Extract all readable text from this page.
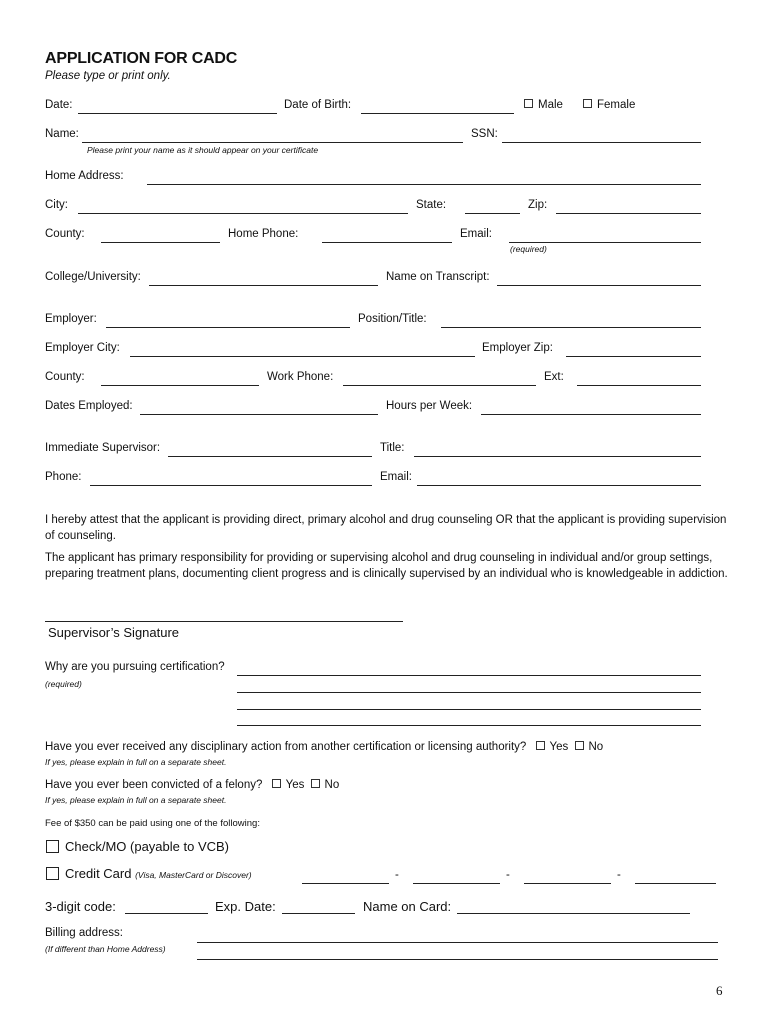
APPLICATION FOR CADC
Please type or print only.
Date:	Date of Birth:	Male	Female
Name:	SSN:
Please print your name as it should appear on your certificate
Home Address:
City:	State:	Zip:
County:	Home Phone:	Email:
(required)
College/University:	Name on Transcript:
Employer:	Position/Title:
Employer City:	Employer Zip:
County:	Work Phone:	Ext:
Dates Employed:	Hours per Week:
Immediate Supervisor:	Title:
Phone:	Email:
I hereby attest that the applicant is providing direct, primary alcohol and drug counseling OR that the applicant is providing supervision of counseling.
The applicant has primary responsibility for providing or supervising alcohol and drug counseling in individual and/or group settings, preparing treatment plans, documenting client progress and is clinically supervised by an individual who is knowledgeable in addiction.
Supervisor’s Signature
Why are you pursuing certification?
(required)
Have you ever received any disciplinary action from another certification or licensing authority? Yes No
If yes, please explain in full on a separate sheet.
Have you ever been convicted of a felony? Yes No
If yes, please explain in full on a separate sheet.
Fee of $350 can be paid using one of the following:
Check/MO (payable to VCB)
Credit Card (Visa, MasterCard or Discover)	-	-	-
3-digit code:	Exp. Date:	Name on Card:
Billing address:
(If different than Home Address)
6
